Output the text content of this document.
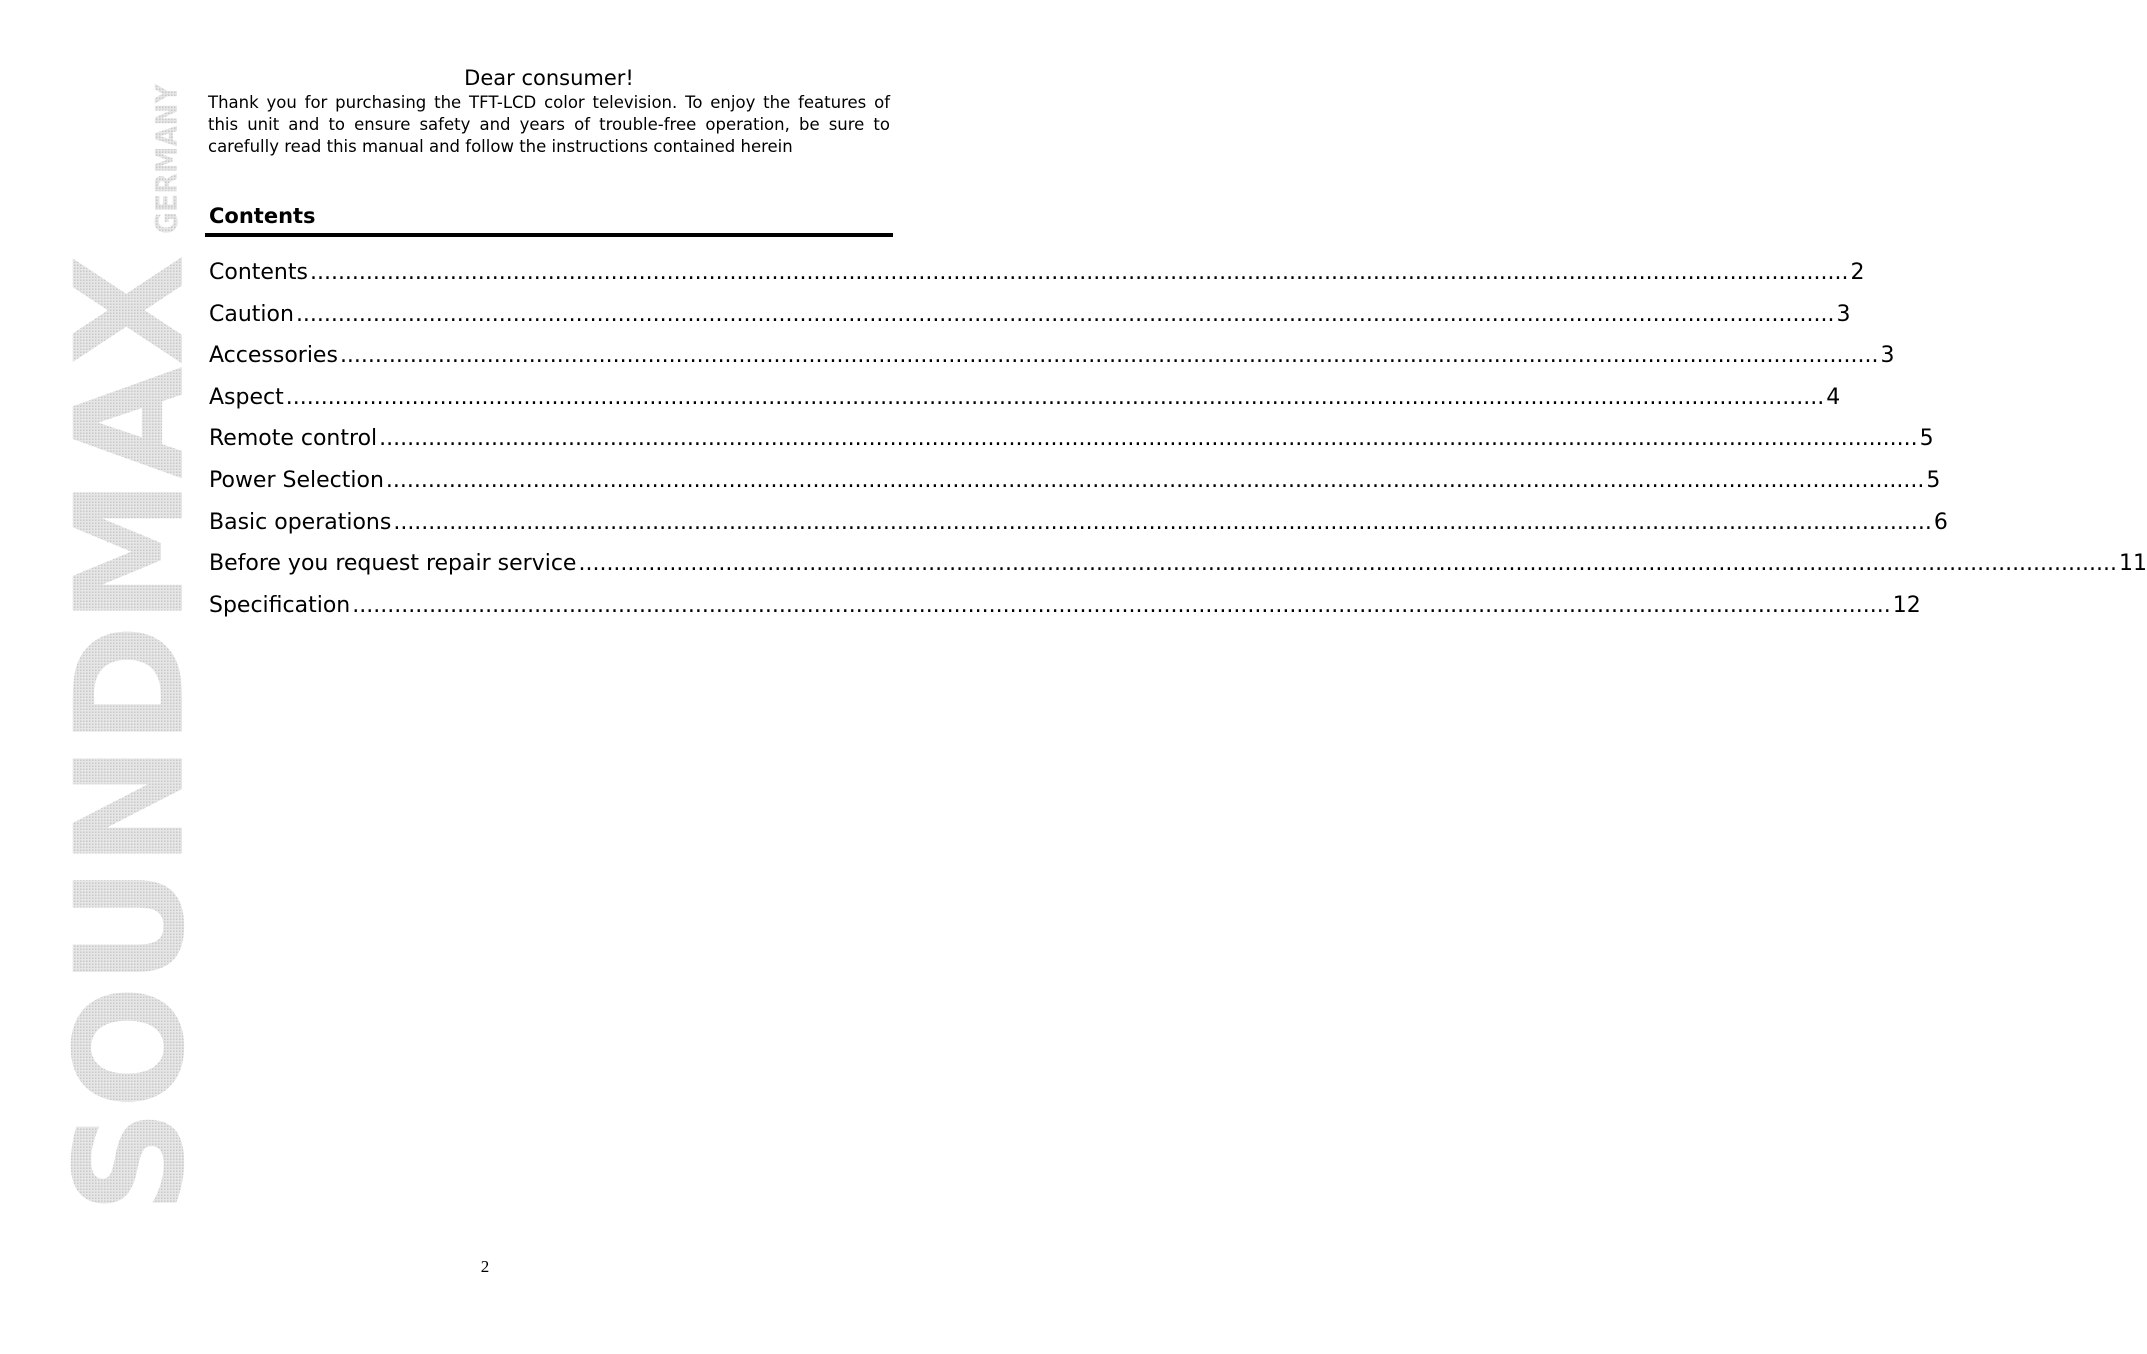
SOUNDMAX
GERMANY	Dear consumer!

Thank you for purchasing the TFT-LCD color television. To enjoy the features of this unit and to ensure safety and years of trouble-free operation, be sure to carefully read this manual and follow the instructions contained herein

Contents
Contents .....	2
Caution .....	3
Accessories .....	3
Aspect .....	4
Remote control .....	5
Power Selection .....	5
Basic operations .....	6
Before you request repair service .....	11
Specification .....	12
2
